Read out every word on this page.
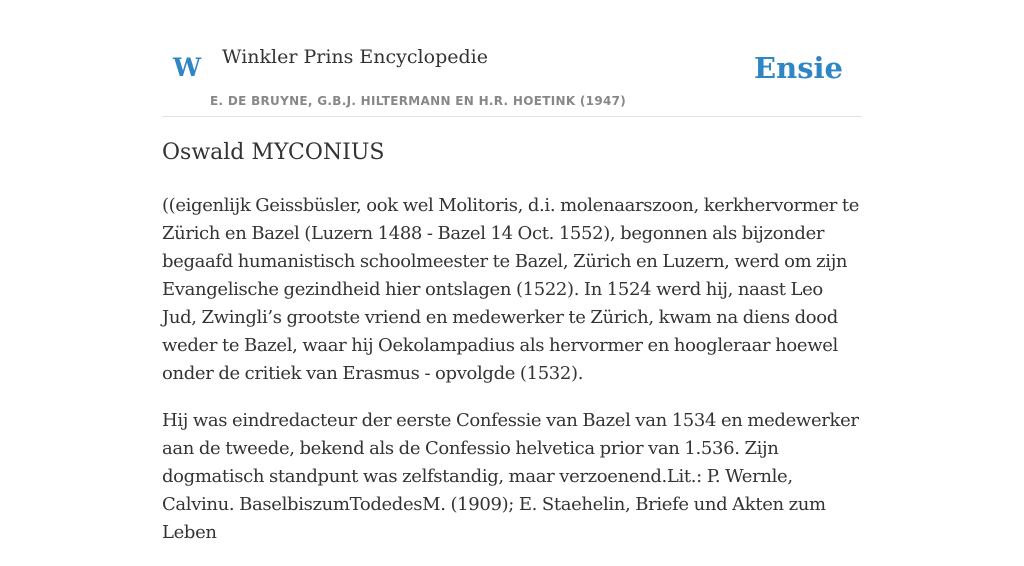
W Winkler Prins Encyclopedie
E. DE BRUYNE, G.B.J. HILTERMANN EN H.R. HOETINK (1947)
Ensie
Oswald MYCONIUS

((eigenlijk Geissbüsler, ook wel Molitoris, d.i. molenaarszoon, kerkhervormer te Zürich en Bazel (Luzern 1488 - Bazel 14 Oct. 1552), begonnen als bijzonder begaafd humanistisch schoolmeester te Bazel, Zürich en Luzern, werd om zijn Evangelische gezindheid hier ontslagen (1522). In 1524 werd hij, naast Leo Jud, Zwingli’s grootste vriend en medewerker te Zürich, kwam na diens dood weder te Bazel, waar hij Oekolampadius als hervormer en hoogleraar hoewel onder de critiek van Erasmus - opvolgde (1532).

Hij was eindredacteur der eerste Confessie van Bazel van 1534 en medewerker aan de tweede, bekend als de Confessio helvetica prior van 1.536. Zijn dogmatisch standpunt was zelfstandig, maar verzoenend.Lit.: P. Wernle, Calvinu. BaselbiszumTodedesM. (1909); E. Staehelin, Briefe und Akten zum Leben
